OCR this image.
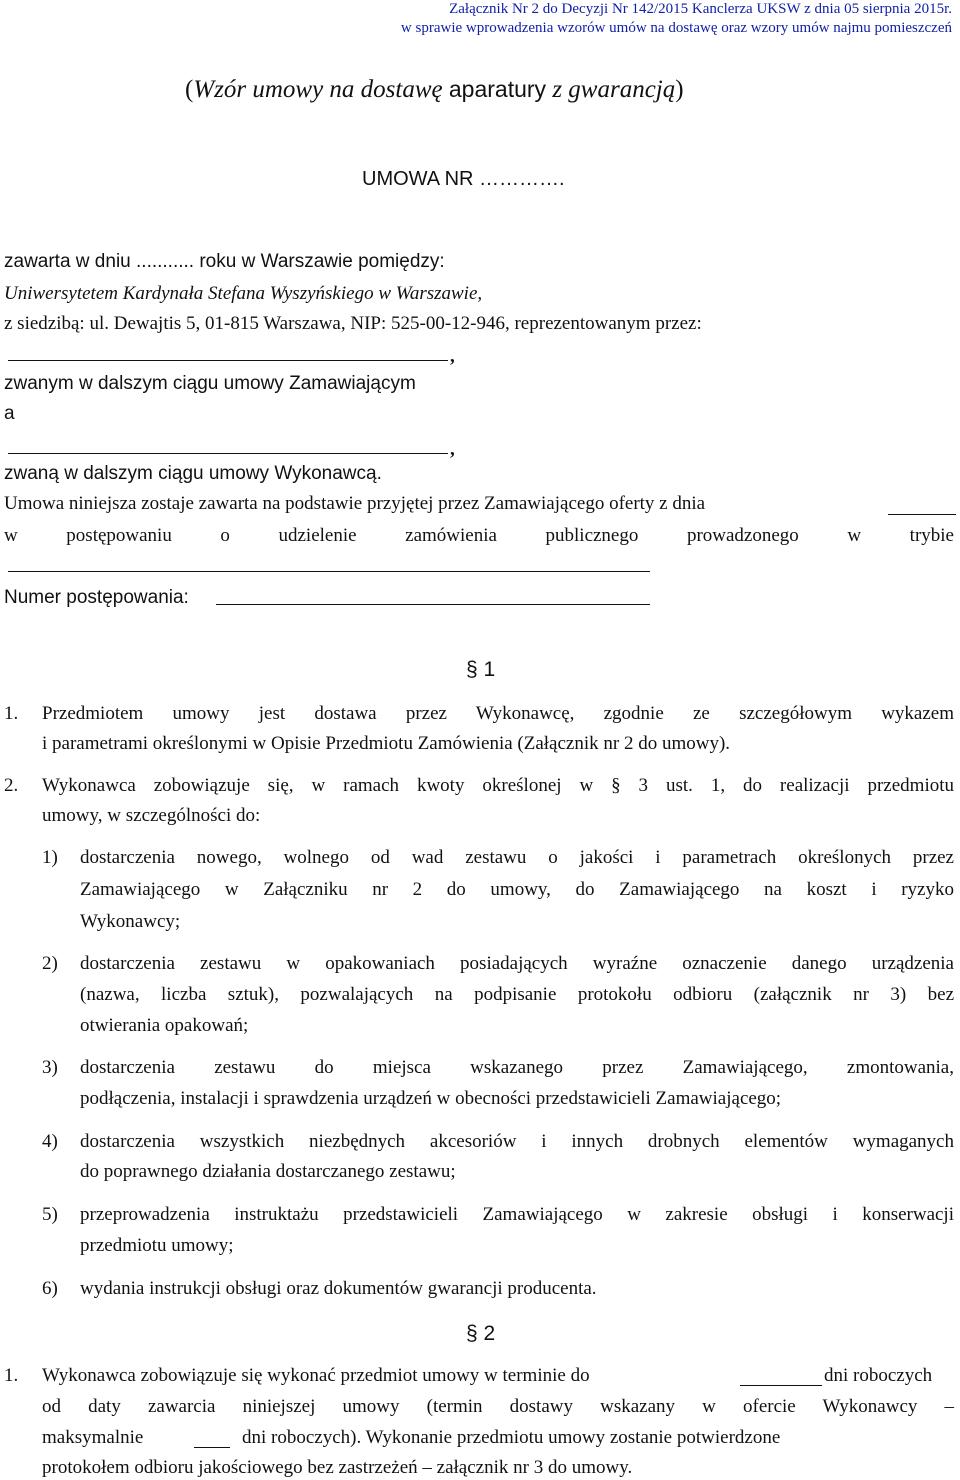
Załącznik Nr 2 do Decyzji Nr 142/2015 Kanclerza UKSW z dnia 05 sierpnia 2015r.
w sprawie wprowadzenia wzorów umów na dostawę oraz wzory umów najmu pomieszczeń
(Wzór umowy na dostawę aparatury z gwarancją)
UMOWA NR ………….
zawarta w dniu ........... roku w Warszawie pomiędzy:
Uniwersytetem Kardynała Stefana Wyszyńskiego w Warszawie,
z siedzibą: ul. Dewajtis 5, 01-815 Warszawa, NIP: 525-00-12-946, reprezentowanym przez:
,
zwanym w dalszym ciągu umowy Zamawiającym
a
,
zwaną w dalszym ciągu umowy Wykonawcą.
Umowa niniejsza zostaje zawarta na podstawie przyjętej przez Zamawiającego oferty z dnia
w postępowaniu o udzielenie zamówienia publicznego prowadzonego w trybie
Numer postępowania:
§ 1
1. Przedmiotem umowy jest dostawa przez Wykonawcę, zgodnie ze szczegółowym wykazem
i parametrami określonymi w Opisie Przedmiotu Zamówienia (Załącznik nr 2 do umowy).
2. Wykonawca zobowiązuje się, w ramach kwoty określonej w § 3 ust. 1, do realizacji przedmiotu
umowy, w szczególności do:
1) dostarczenia nowego, wolnego od wad zestawu o jakości i parametrach określonych przez
Zamawiającego w Załączniku nr 2 do umowy, do Zamawiającego na koszt i ryzyko
Wykonawcy;
2) dostarczenia zestawu w opakowaniach posiadających wyraźne oznaczenie danego urządzenia
(nazwa, liczba sztuk), pozwalających na podpisanie protokołu odbioru (załącznik nr 3) bez
otwierania opakowań;
3) dostarczenia zestawu do miejsca wskazanego przez Zamawiającego, zmontowania,
podłączenia, instalacji i sprawdzenia urządzeń w obecności przedstawicieli Zamawiającego;
4) dostarczenia wszystkich niezbędnych akcesoriów i innych drobnych elementów wymaganych
do poprawnego działania dostarczanego zestawu;
5) przeprowadzenia instruktażu przedstawicieli Zamawiającego w zakresie obsługi i konserwacji
przedmiotu umowy;
6) wydania instrukcji obsługi oraz dokumentów gwarancji producenta.
§ 2
1. Wykonawca zobowiązuje się wykonać przedmiot umowy w terminie do	dni roboczych
od daty zawarcia niniejszej umowy (termin dostawy wskazany w ofercie Wykonawcy –
maksymalnie	dni roboczych). Wykonanie przedmiotu umowy zostanie potwierdzone
protokołem odbioru jakościowego bez zastrzeżeń – załącznik nr 3 do umowy.
